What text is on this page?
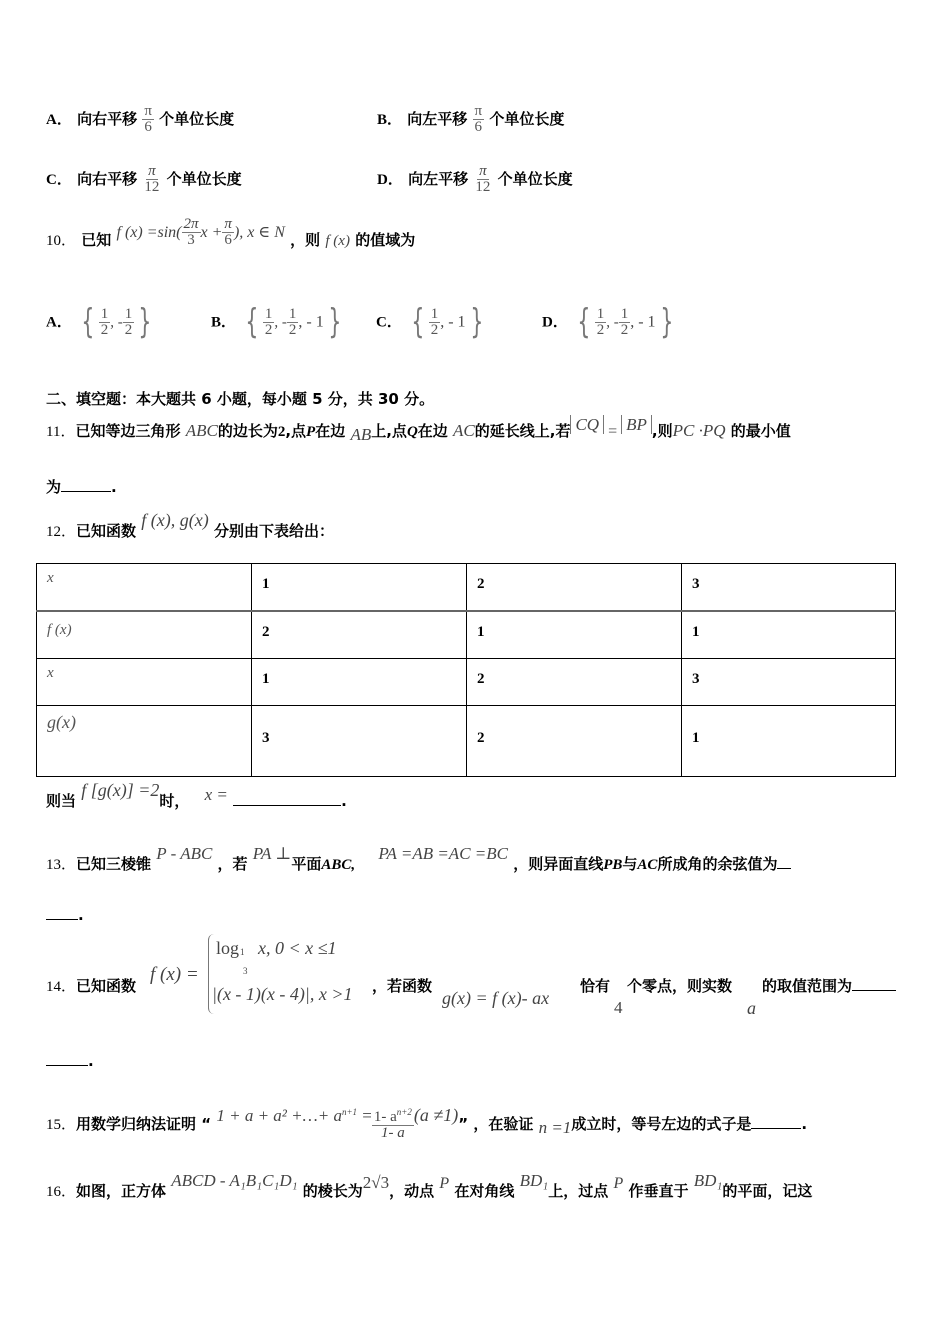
A． 向右平移 $\frac{\pi}{6}$ 个单位长度	B． 向左平移 $\frac{\pi}{6}$ 个单位长度
C． 向右平移 $\frac{\pi}{12}$ 个单位长度	D． 向左平移 $\frac{\pi}{12}$ 个单位长度
10． 已知 f $(x) =\sin( \frac{2\pi}{3}$ $x + \frac{\pi}{6}$ ), x ∈ N ，则 f (x) 的值域为
A． { $\frac{1}{2}$ , - $\frac{1}{2}$ }	B． { $\frac{1}{2}$ , - $\frac{1}{2}$ , - 1 } C． { $\frac{1}{2}$ , - 1 }	D． { $\frac{1}{2}$ , - $\frac{1}{2}$ , - 1 }
二、填空题：本大题共 6 小题，每小题 5 分，共 30 分。
11．已知等边三角形 ABC的边长为2,点P在边 AB上,点Q在边 AC的延长线上,若 CQ = BP ,则PC ·PQ 的最小值
为	.
12．已知函数 f (x), g(x) 分别由下表给出：
x	1	2	3

f (x)	2	1	1

x	1	2	3

g(x)	3	2	1
则当 f [g(x)] =2时， x =	.
13．已知三棱锥 P - ABC ，若 PA ⊥平面ABC, PA =AB =AC =BC ，则异面直线PB与AC所成角的余弦值为
.
14．已知函数
f (x) =
log 1
3
x, 0 < x ≤1
|(x - 1)(x - 4)|, x >1 ，若函数
g(x) = f (x)- ax
恰有
4
个零点，则实数
a
的取值范围为
.
15．用数学归纳法证明 “ 1 + a + a² +…+ $a^{n+1} = \frac{1- a^{n+2}}{1- a} (a \ne 1)$” ，在验证 n =1成立时，等号左边的式子是	.
16．如图，正方体 ABCD - A₁B₁C₁D₁ 的棱长为2√3，动点 P 在对角线 BD₁上，过点 P 作垂直于 BD₁的平面，记这
